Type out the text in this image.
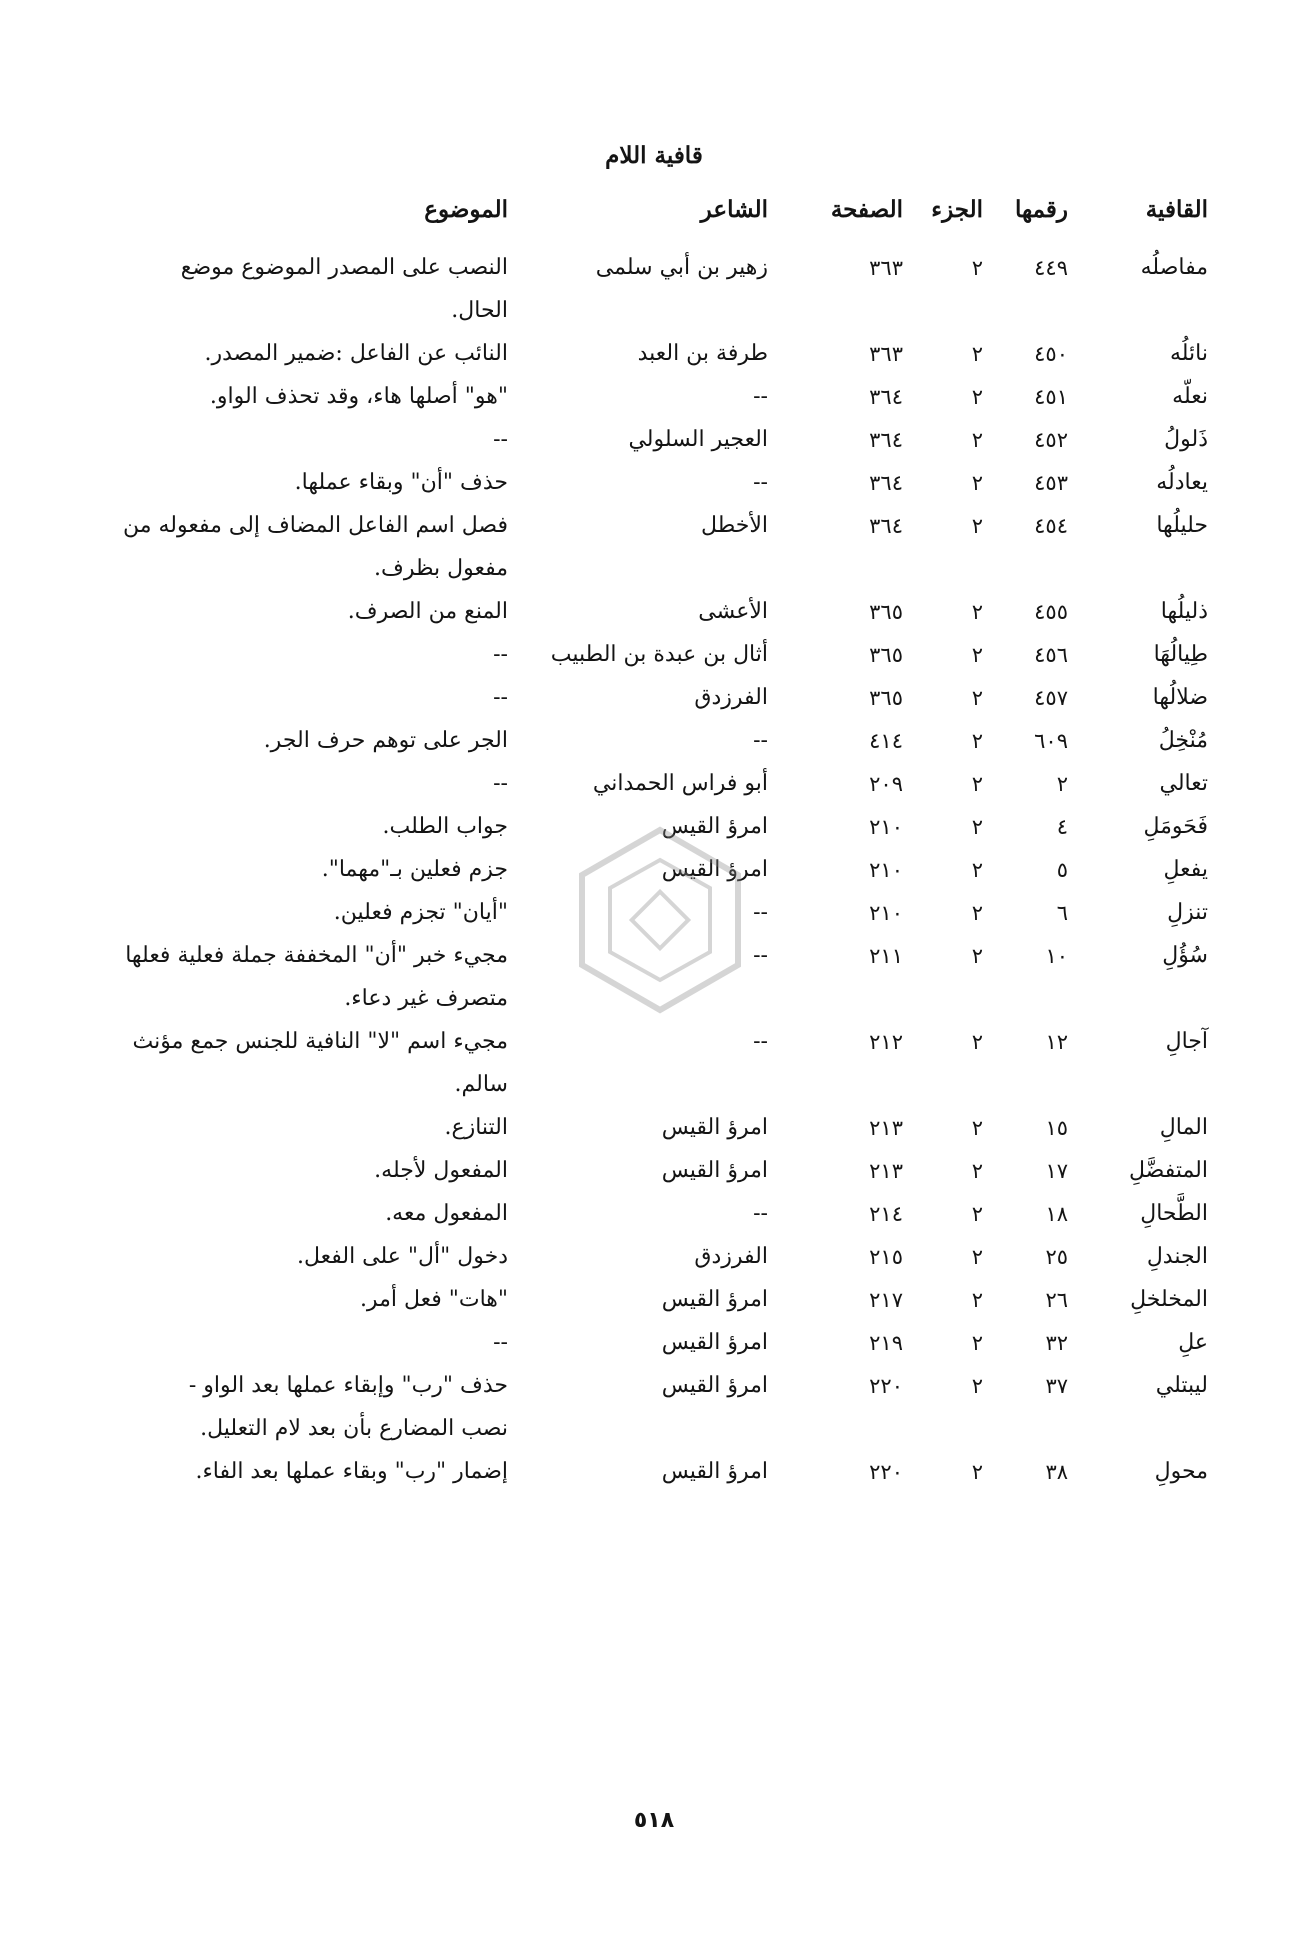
قافية اللام
القافية
رقمها
الجزء
الصفحة
الشاعر
الموضوع
مفاصلُه
٤٤٩
٢
٣٦٣
زهير بن أبي سلمى
النصب على المصدر الموضوع موضع
الحال.
نائلُه
٤٥٠
٢
٣٦٣
طرفة بن العبد
النائب عن الفاعل :ضمير المصدر.
نعلّه
٤٥١
٢
٣٦٤
--
"هو" أصلها هاء، وقد تحذف الواو.
ذَلولُ
٤٥٢
٢
٣٦٤
العجير السلولي
--
يعادلُه
٤٥٣
٢
٣٦٤
--
حذف "أن" وبقاء عملها.
حليلُها
٤٥٤
٢
٣٦٤
الأخطل
فصل اسم الفاعل المضاف إلى مفعوله من
مفعول بظرف.
ذليلُها
٤٥٥
٢
٣٦٥
الأعشى
المنع من الصرف.
طِيالُهَا
٤٥٦
٢
٣٦٥
أثال بن عبدة بن الطبيب
--
ضلالُها
٤٥٧
٢
٣٦٥
الفرزدق
--
مُنْخِلُ
٦٠٩
٢
٤١٤
--
الجر على توهم حرف الجر.
تعالي
٢
٢
٢٠٩
أبو فراس الحمداني
--
فَحَومَلِ
٤
٢
٢١٠
امرؤ القيس
جواب الطلب.
يفعلِ
٥
٢
٢١٠
امرؤ القيس
جزم فعلين بـ"مهما".
تنزلِ
٦
٢
٢١٠
--
"أيان" تجزم فعلين.
سُؤُلِ
١٠
٢
٢١١
--
مجيء خبر "أن" المخففة جملة فعلية فعلها
متصرف غير دعاء.
آجالِ
١٢
٢
٢١٢
--
مجيء اسم "لا" النافية للجنس جمع مؤنث
سالم.
المالِ
١٥
٢
٢١٣
امرؤ القيس
التنازع.
المتفضَّلِ
١٧
٢
٢١٣
امرؤ القيس
المفعول لأجله.
الطَّحالِ
١٨
٢
٢١٤
--
المفعول معه.
الجندلِ
٢٥
٢
٢١٥
الفرزدق
دخول "أل" على الفعل.
المخلخلِ
٢٦
٢
٢١٧
امرؤ القيس
"هات" فعل أمر.
علِ
٣٢
٢
٢١٩
امرؤ القيس
--
ليبتلي
٣٧
٢
٢٢٠
امرؤ القيس
حذف "رب" وإبقاء عملها بعد الواو -
نصب المضارع بأن بعد لام التعليل.
محولِ
٣٨
٢
٢٢٠
امرؤ القيس
إضمار "رب" وبقاء عملها بعد الفاء.
٥١٨
